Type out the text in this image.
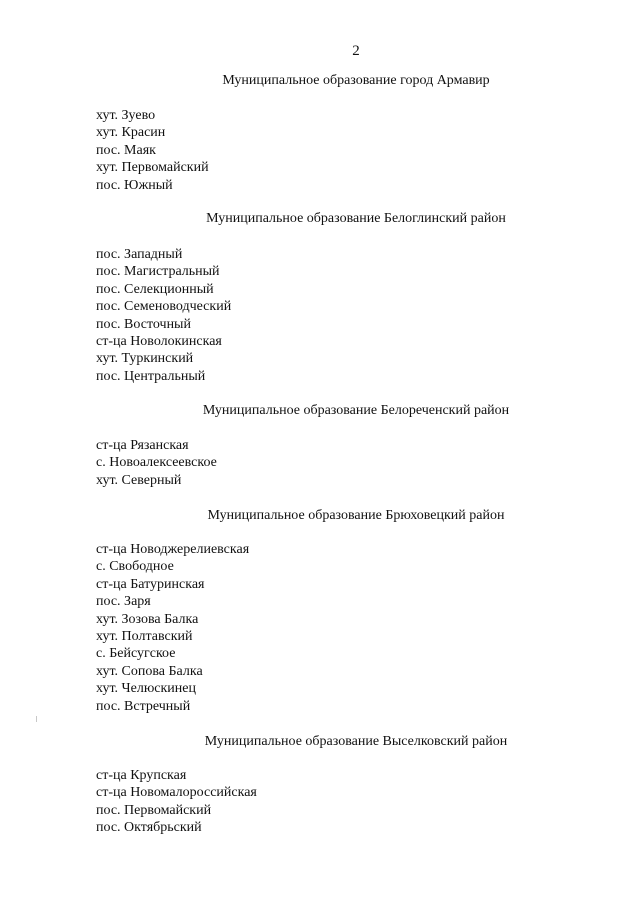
2
Муниципальное образование город Армавир
хут. Зуево
хут. Красин
пос. Маяк
хут. Первомайский
пос. Южный
Муниципальное образование Белоглинский район
пос. Западный
пос. Магистральный
пос. Селекционный
пос. Семеноводческий
пос. Восточный
ст-ца Новолокинская
хут. Туркинский
пос. Центральный
Муниципальное образование Белореченский район
ст-ца Рязанская
с. Новоалексеевское
хут. Северный
Муниципальное образование Брюховецкий район
ст-ца Новоджерелиевская
с. Свободное
ст-ца Батуринская
пос. Заря
хут. Зозова Балка
хут. Полтавский
с. Бейсугское
хут. Сопова Балка
хут. Челюскинец
пос. Встречный
Муниципальное образование Выселковский район
ст-ца Крупская
ст-ца Новомалороссийская
пос. Первомайский
пос. Октябрьский
